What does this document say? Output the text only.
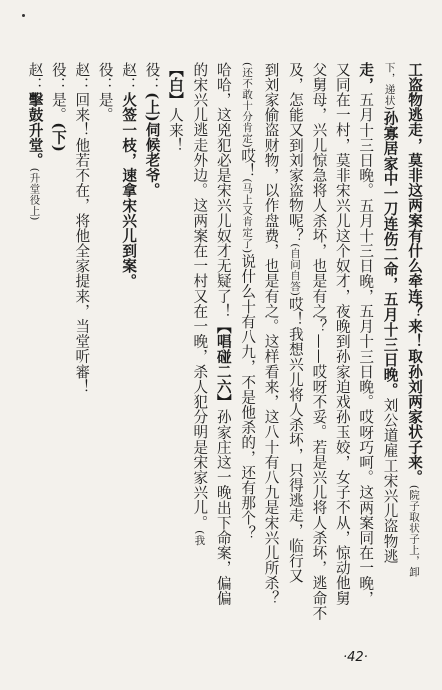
工盗物逃走，莫非这两案有什么牵连？来！取孙刘两家状子来。(院子取状子上，卸
下，递状)孙寡居家中一刀连伤二命，五月十三日晚。刘公道雇工宋兴儿盗物逃
走，五月十三日晚。五月十三日晚，五月十三日晚。哎呀巧呵。这两案同在一晚，
又同在一村，莫非宋兴儿这个奴才，夜晚到孙家迫戏孙玉姣，女子不从，惊动他舅
父舅母，兴儿惊急将人杀坏，也是有之？——哎呀不妥。若是兴儿将人杀坏，逃命不
及，怎能又到刘家盗物呢？(自问自答)哎！我想兴儿将人杀坏，只得逃走，临行又
到刘家偷盗财物，以作盘费，也是有之。这样看来，这八十有八九是宋兴儿所杀？
(还不敢十分肯定)哎！(马上又肯定了)说什么十有八九，不是他杀的，还有那个？
哈哈，这兇犯必是宋兴儿奴才无疑了！【唱碰二六】孙家庄这一晚出下命案，偏偏
的宋兴儿逃走外边。这两案在一村又在一晚，杀人犯分明是宋家兴儿。(我
【白】人来！
役：(上)伺候老爷。
赵：火签一枝，速拿宋兴儿到案。
役：是。
赵：回来！他若不在，将他全家提来，当堂听審！
役：是。(下)
赵：擊鼓升堂。(升堂役上)
·42·
